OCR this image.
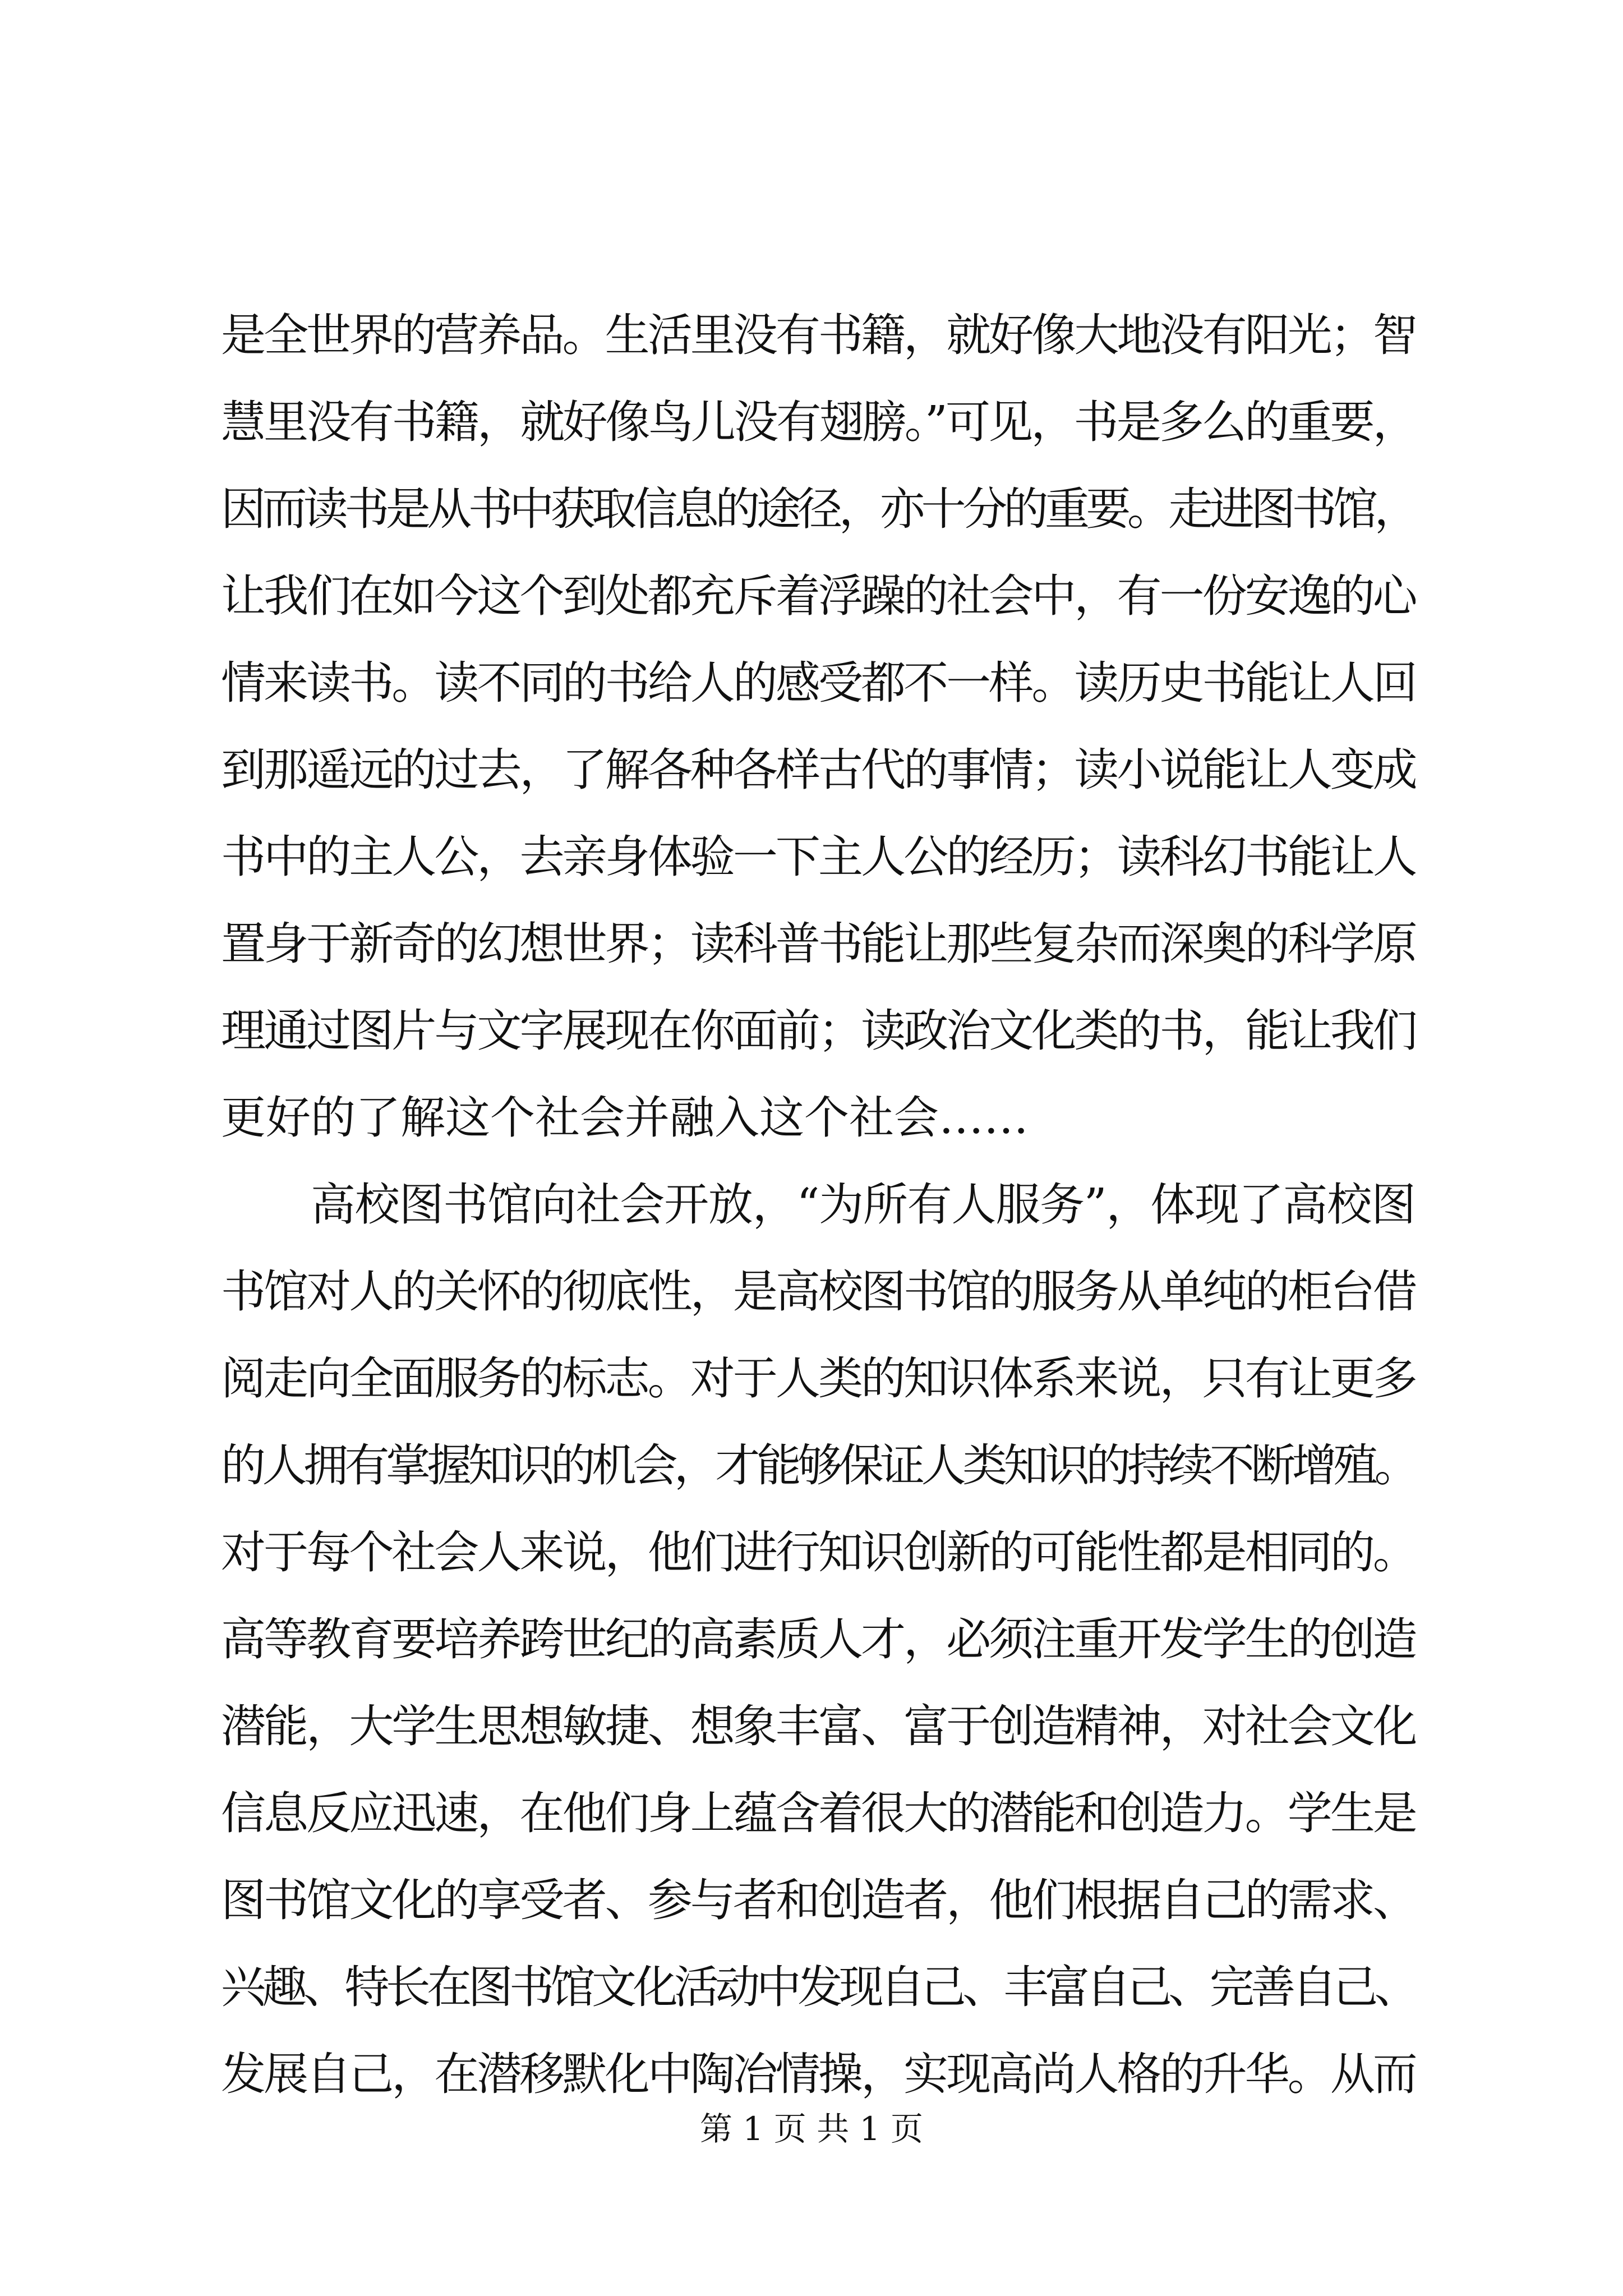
是全世界的营养品。生活里没有书籍，就好像大地没有阳光；智
慧里没有书籍，就好像鸟儿没有翅膀。”可见，书是多么的重要，
因而读书是从书中获取信息的途径，亦十分的重要。走进图书馆，
让我们在如今这个到处都充斥着浮躁的社会中，有一份安逸的心
情来读书。读不同的书给人的感受都不一样。读历史书能让人回
到那遥远的过去，了解各种各样古代的事情；读小说能让人变成
书中的主人公，去亲身体验一下主人公的经历；读科幻书能让人
置身于新奇的幻想世界；读科普书能让那些复杂而深奥的科学原
理通过图片与文字展现在你面前；读政治文化类的书，能让我们
更好的了解这个社会并融入这个社会……
高校图书馆向社会开放，“为所有人服务”，体现了高校图
书馆对人的关怀的彻底性，是高校图书馆的服务从单纯的柜台借
阅走向全面服务的标志。对于人类的知识体系来说，只有让更多
的人拥有掌握知识的机会，才能够保证人类知识的持续不断增殖。
对于每个社会人来说，他们进行知识创新的可能性都是相同的。
高等教育要培养跨世纪的高素质人才，必须注重开发学生的创造
潜能，大学生思想敏捷、想象丰富、富于创造精神，对社会文化
信息反应迅速，在他们身上蕴含着很大的潜能和创造力。学生是
图书馆文化的享受者、参与者和创造者，他们根据自己的需求、
兴趣、特长在图书馆文化活动中发现自己、丰富自己、完善自己、
发展自己，在潜移默化中陶冶情操，实现高尚人格的升华。从而
第 1 页 共 1 页
